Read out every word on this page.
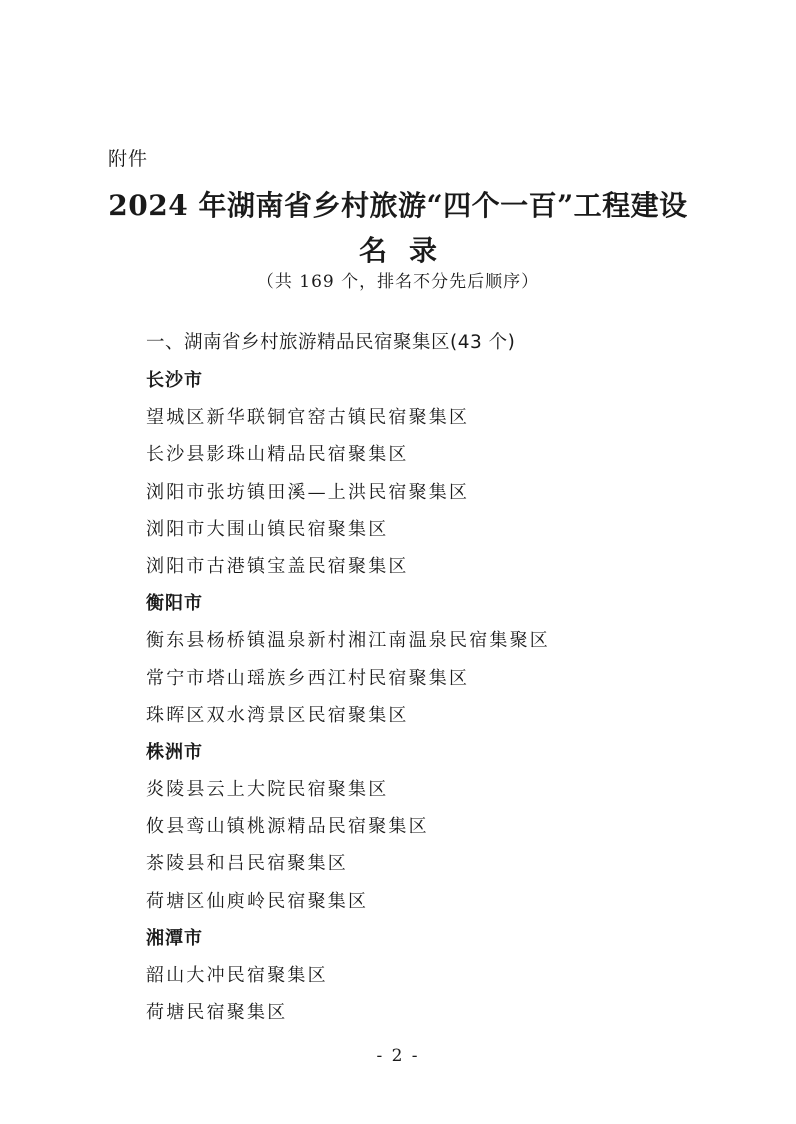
附件
2024 年湖南省乡村旅游“四个一百”工程建设
名录
（共 169 个，排名不分先后顺序）
一、湖南省乡村旅游精品民宿聚集区(43 个)
长沙市
望城区新华联铜官窑古镇民宿聚集区
长沙县影珠山精品民宿聚集区
浏阳市张坊镇田溪—上洪民宿聚集区
浏阳市大围山镇民宿聚集区
浏阳市古港镇宝盖民宿聚集区
衡阳市
衡东县杨桥镇温泉新村湘江南温泉民宿集聚区
常宁市塔山瑶族乡西江村民宿聚集区
珠晖区双水湾景区民宿聚集区
株洲市
炎陵县云上大院民宿聚集区
攸县鸾山镇桃源精品民宿聚集区
茶陵县和吕民宿聚集区
荷塘区仙庾岭民宿聚集区
湘潭市
韶山大冲民宿聚集区
荷塘民宿聚集区
- 2 -
